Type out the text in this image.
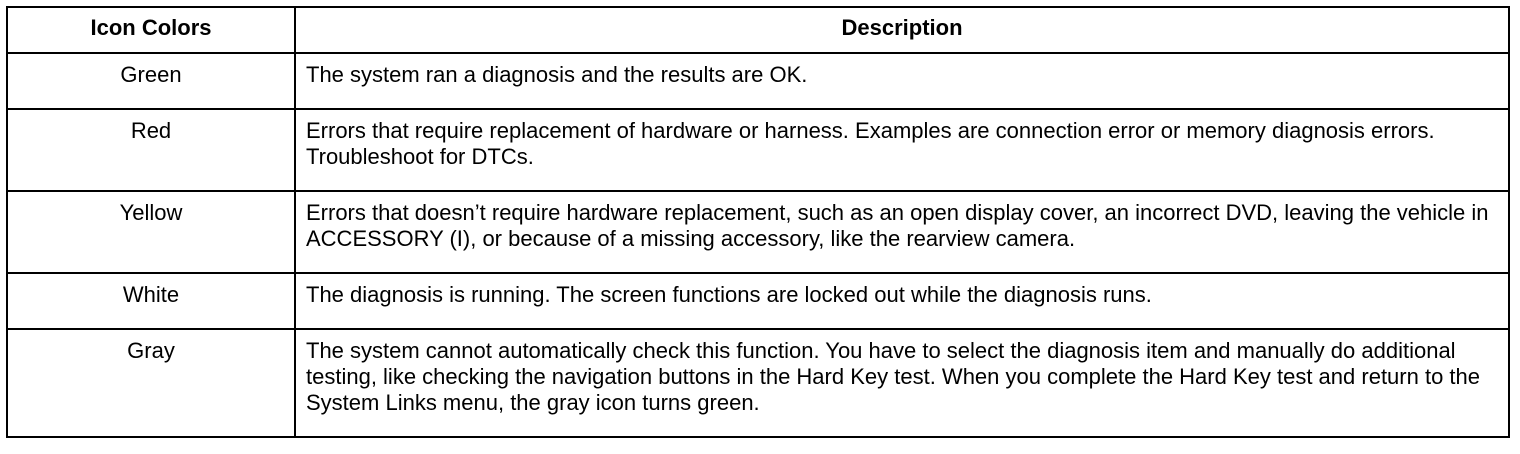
Icon Colors	Description
Green	The system ran a diagnosis and the results are OK.
Red	Errors that require replacement of hardware or harness. Examples are connection error or memory diagnosis errors. Troubleshoot for DTCs.
Yellow	Errors that doesn’t require hardware replacement, such as an open display cover, an incorrect DVD, leaving the vehicle in ACCESSORY (I), or because of a missing accessory, like the rearview camera.
White	The diagnosis is running. The screen functions are locked out while the diagnosis runs.
Gray	The system cannot automatically check this function. You have to select the diagnosis item and manually do additional testing, like checking the navigation buttons in the Hard Key test. When you complete the Hard Key test and return to the System Links menu, the gray icon turns green.
